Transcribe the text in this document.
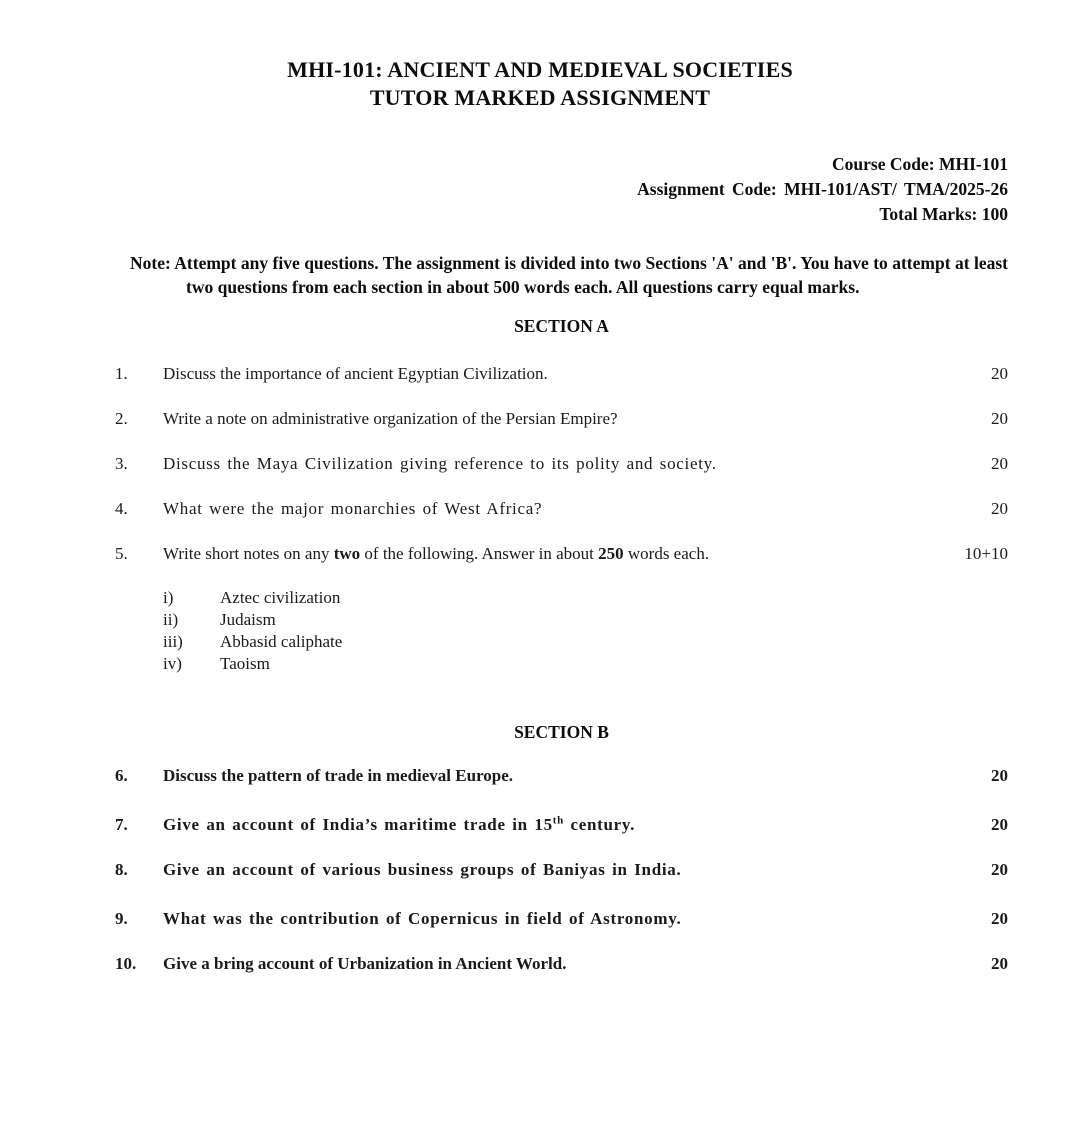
MHI-101: ANCIENT AND MEDIEVAL SOCIETIES
TUTOR MARKED ASSIGNMENT
Course Code: MHI-101
Assignment Code: MHI-101/AST/ TMA/2025-26
Total Marks: 100

Note: Attempt any five questions. The assignment is divided into two Sections 'A' and 'B'. You have to attempt at least two questions from each section in about 500 words each. All questions carry equal marks.

SECTION A
1.	Discuss the importance of ancient Egyptian Civilization.	20
2.	Write a note on administrative organization of the Persian Empire?	20
3.	Discuss the Maya Civilization giving reference to its polity and society.	20
4.	What were the major monarchies of West Africa?	20
5.	Write short notes on any two of the following. Answer in about 250 words each.	10+10
i)	Aztec civilization
ii)	Judaism
iii)	Abbasid caliphate
iv)	Taoism
SECTION B
6.	Discuss the pattern of trade in medieval Europe.	20
7.	Give an account of India’s maritime trade in 15th century.	20
8.	Give an account of various business groups of Baniyas in India.	20
9.	What was the contribution of Copernicus in field of Astronomy.	20
10.	Give a bring account of Urbanization in Ancient World.	20
